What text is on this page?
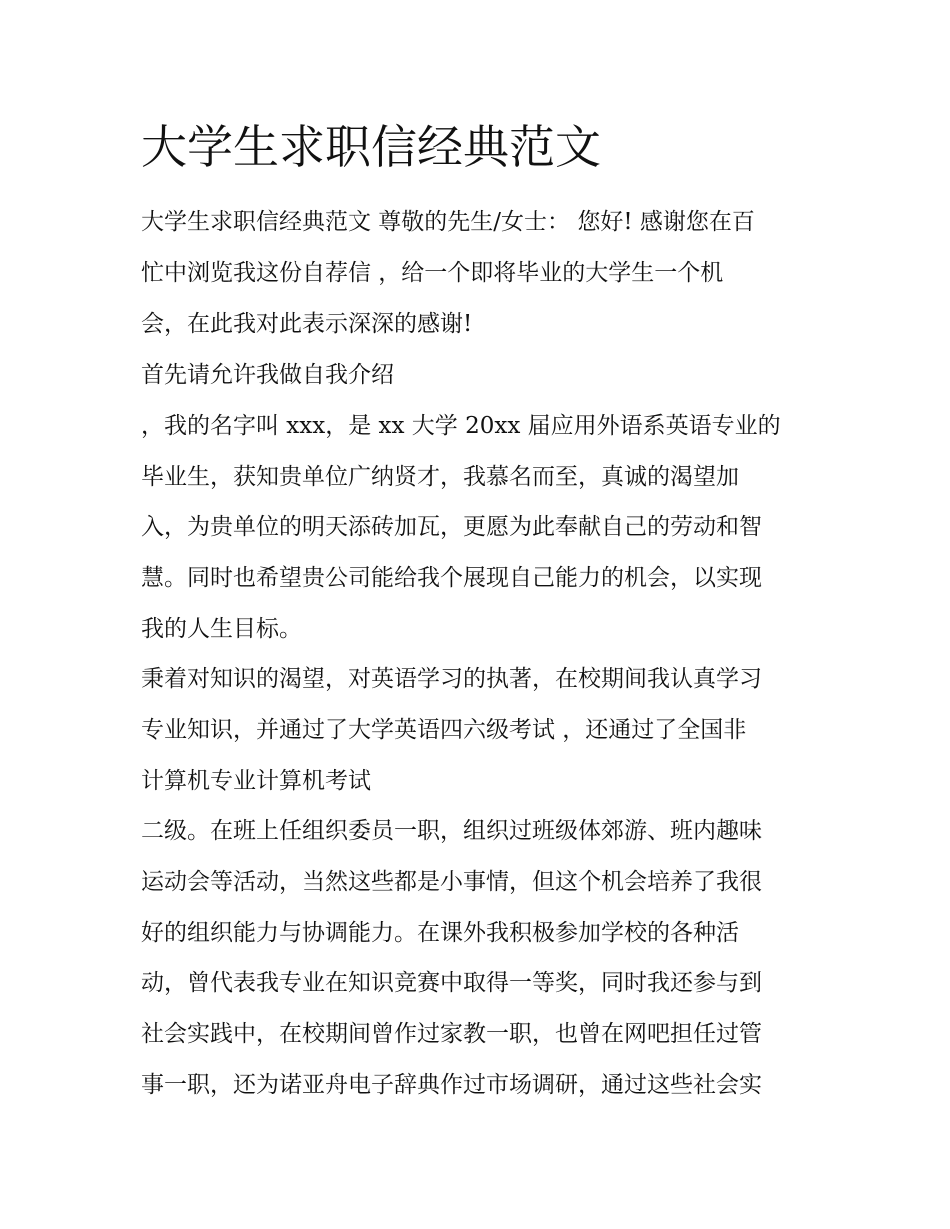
大学生求职信经典范文
大学生求职信经典范文 尊敬的先生/女士： 您好! 感谢您在百
忙中浏览我这份自荐信 ，给一个即将毕业的大学生一个机
会，在此我对此表示深深的感谢!
首先请允许我做自我介绍
，我的名字叫 xxx，是 xx 大学 20xx 届应用外语系英语专业的
毕业生，获知贵单位广纳贤才，我慕名而至，真诚的渴望加
入，为贵单位的明天添砖加瓦，更愿为此奉献自己的劳动和智
慧。同时也希望贵公司能给我个展现自己能力的机会，以实现
我的人生目标。
秉着对知识的渴望，对英语学习的执著，在校期间我认真学习
专业知识，并通过了大学英语四六级考试 ，还通过了全国非
计算机专业计算机考试
二级。在班上任组织委员一职，组织过班级体郊游、班内趣味
运动会等活动，当然这些都是小事情，但这个机会培养了我很
好的组织能力与协调能力。在课外我积极参加学校的各种活
动，曾代表我专业在知识竞赛中取得一等奖，同时我还参与到
社会实践中，在校期间曾作过家教一职，也曾在网吧担任过管
事一职，还为诺亚舟电子辞典作过市场调研，通过这些社会实
